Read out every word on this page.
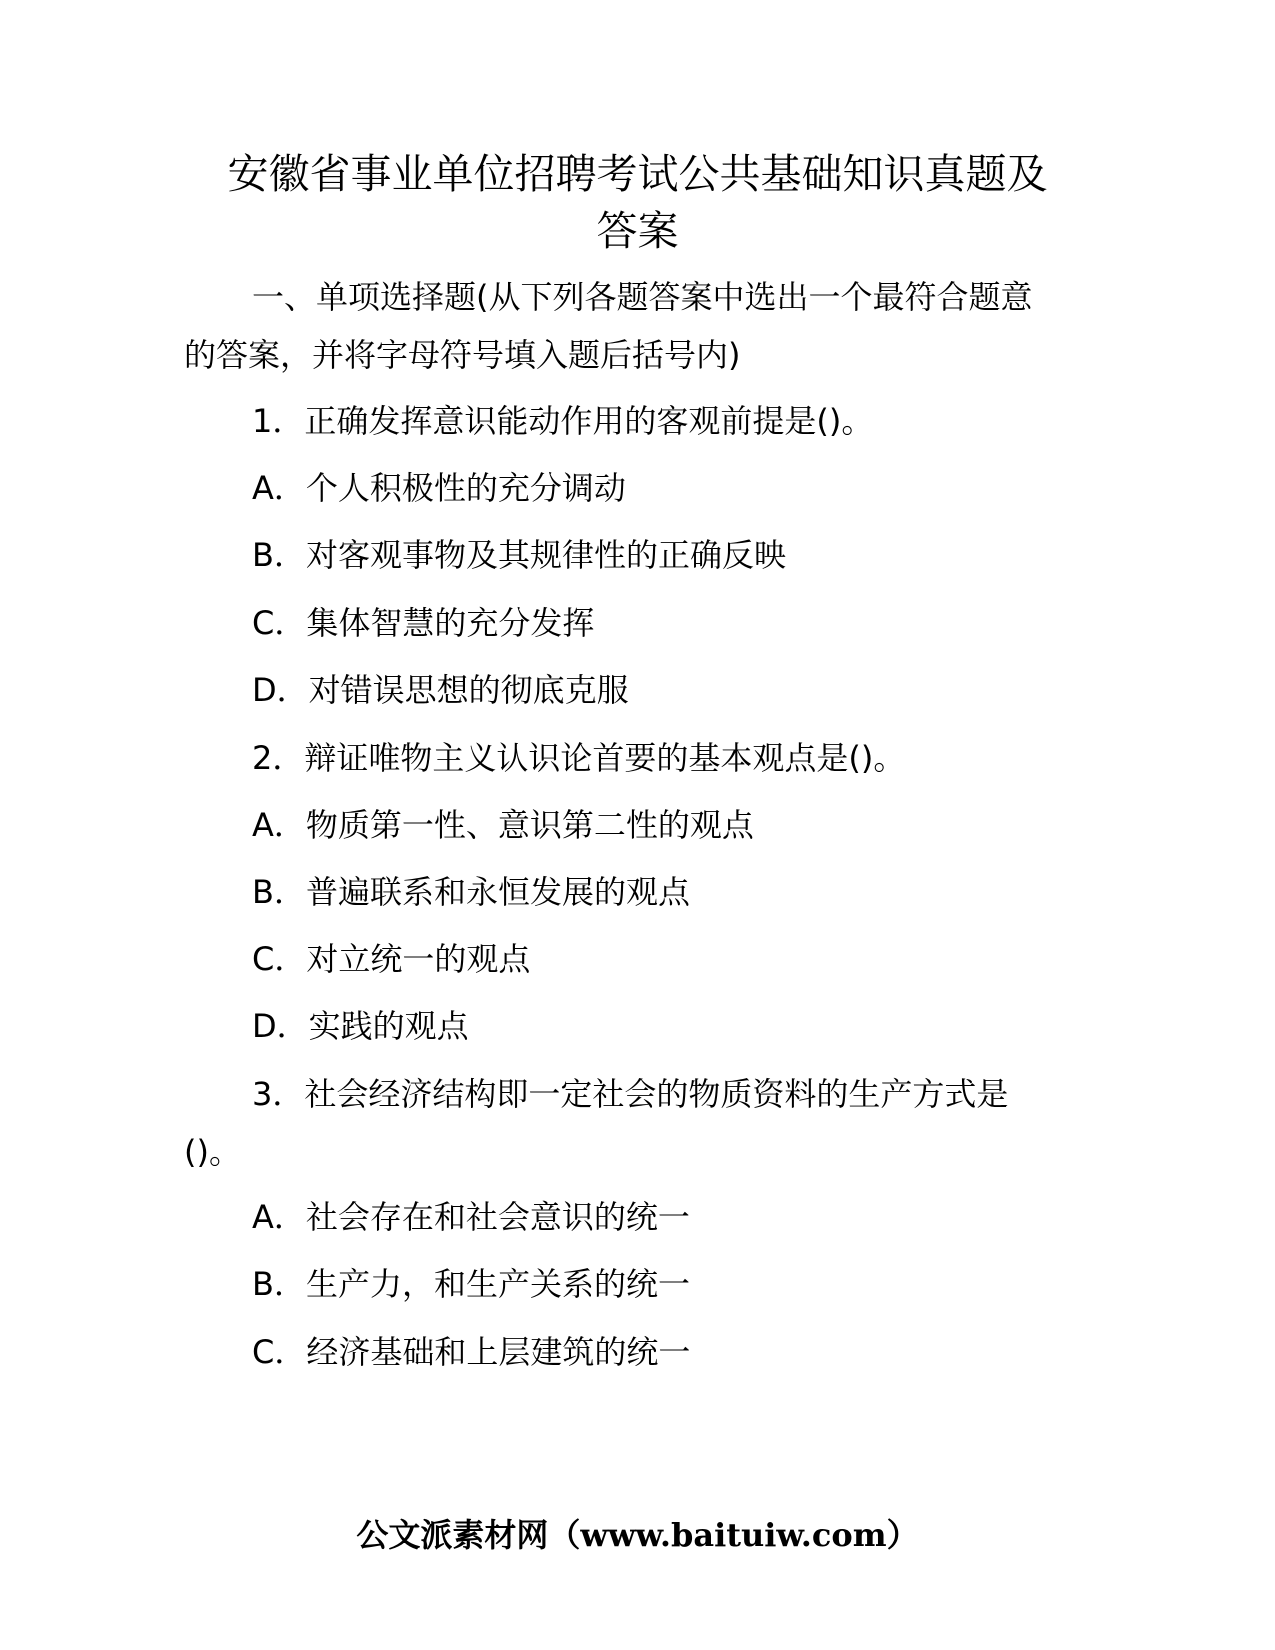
安徽省事业单位招聘考试公共基础知识真题及
答案
一、单项选择题(从下列各题答案中选出一个最符合题意
的答案，并将字母符号填入题后括号内)
1．正确发挥意识能动作用的客观前提是()。
A．个人积极性的充分调动
B．对客观事物及其规律性的正确反映
C．集体智慧的充分发挥
D．对错误思想的彻底克服
2．辩证唯物主义认识论首要的基本观点是()。
A．物质第一性、意识第二性的观点
B．普遍联系和永恒发展的观点
C．对立统一的观点
D．实践的观点
3．社会经济结构即一定社会的物质资料的生产方式是
()。
A．社会存在和社会意识的统一
B．生产力，和生产关系的统一
C．经济基础和上层建筑的统一
公文派素材网（www.baituiw.com）
